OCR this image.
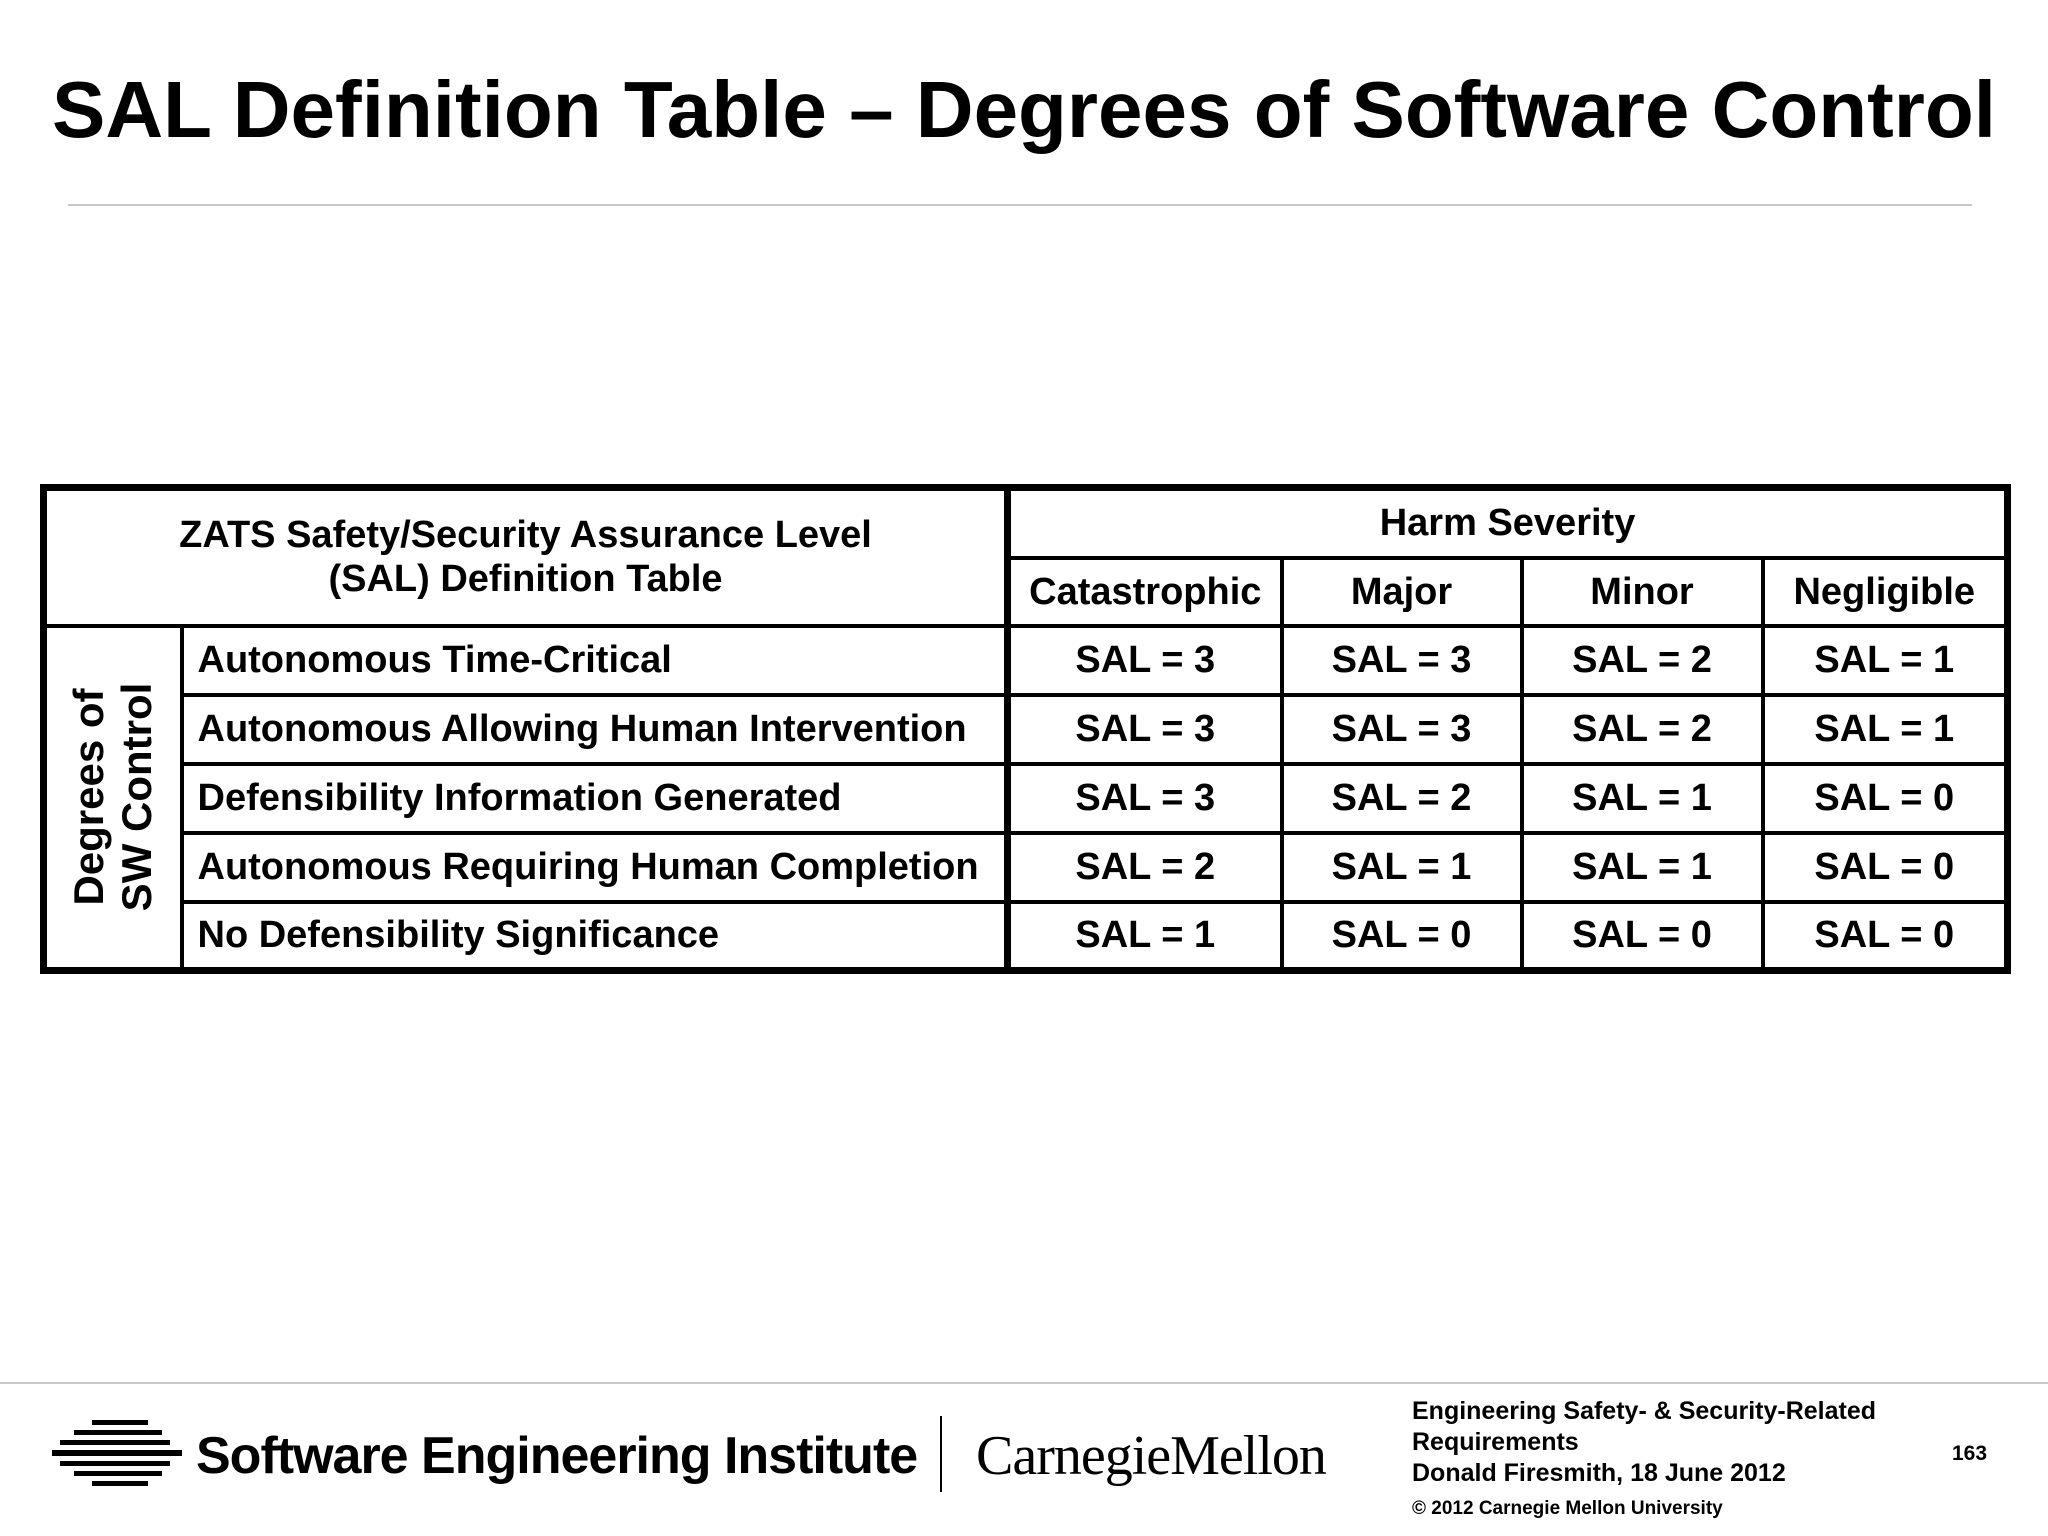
SAL Definition Table – Degrees of Software Control
ZATS Safety/Security Assurance Level
(SAL) Definition Table		Harm Severity			
		Catastrophic	Major	Minor	Negligible

Degrees of SW Control	Autonomous Time-Critical	SAL = 3	SAL = 3	SAL = 2	SAL = 1
	Autonomous Allowing Human Intervention	SAL = 3	SAL = 3	SAL = 2	SAL = 1
	Defensibility Information Generated	SAL = 3	SAL = 2	SAL = 1	SAL = 0
	Autonomous Requiring Human Completion	SAL = 2	SAL = 1	SAL = 1	SAL = 0
	No Defensibility Significance	SAL = 1	SAL = 0	SAL = 0	SAL = 0
Software Engineering Institute CarnegieMellon
Engineering Safety- & Security-Related
Requirements
Donald Firesmith, 18 June 2012
© 2012 Carnegie Mellon University
163
